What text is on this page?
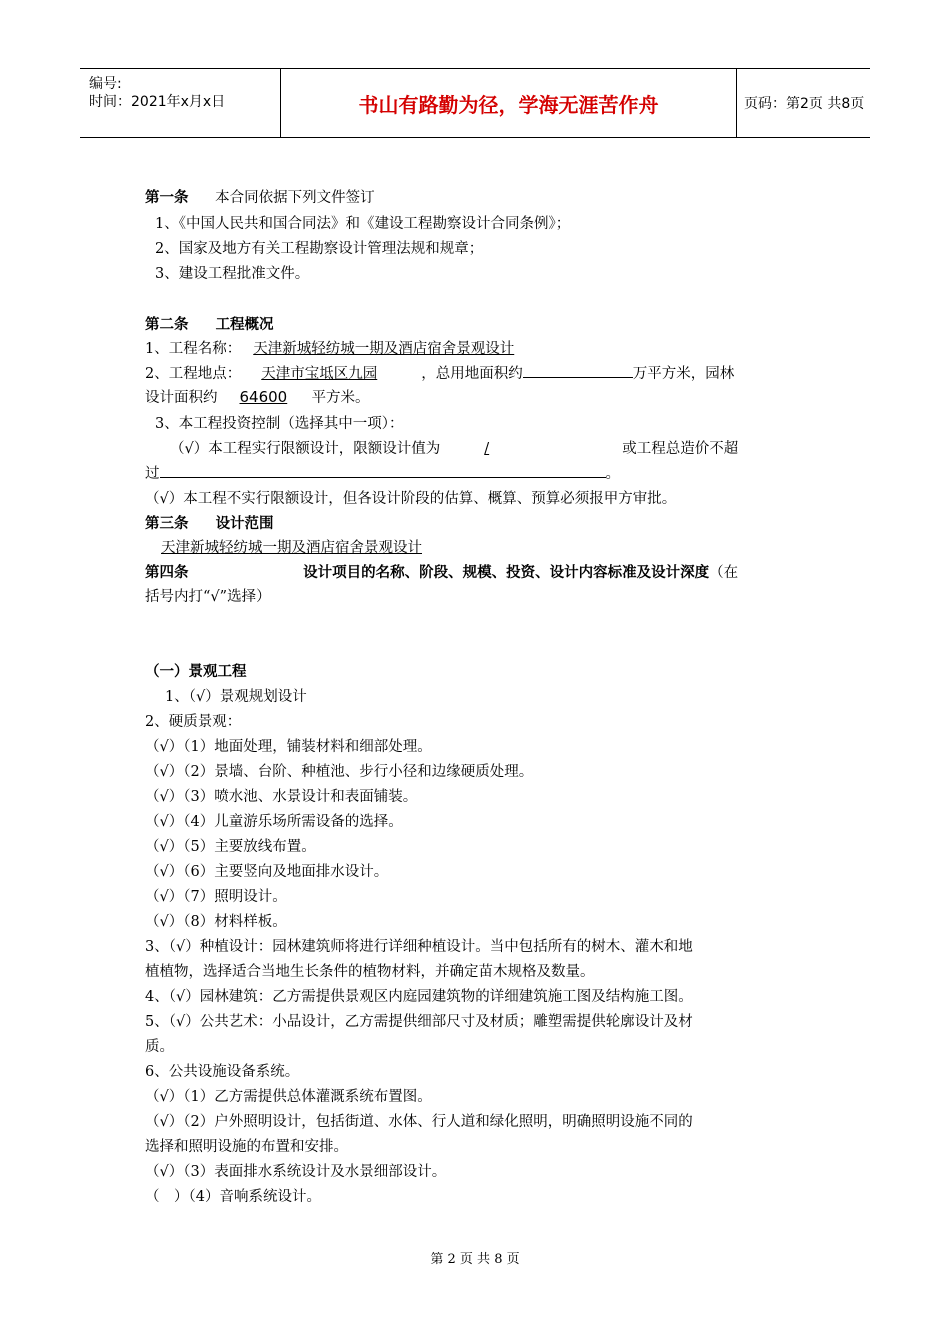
编号:
时间：2021年x月x日	书山有路勤为径，学海无涯苦作舟	页码：第2页 共8页
第一条 本合同依据下列文件签订
1、《中国人民共和国合同法》和《建设工程勘察设计合同条例》；
2、国家及地方有关工程勘察设计管理法规和规章；
3、建设工程批准文件。
第二条 工程概况
1、工程名称： 天津新城轻纺城一期及酒店宿舍景观设计
2、工程地点： 天津市宝坻区九园	，总用地面积约	万平方米，园林
设计面积约 64600 平方米。
3、本工程投资控制（选择其中一项）：
（√）本工程实行限额设计，限额设计值为	/	或工程总造价不超
过	。
（√）本工程不实行限额设计，但各设计阶段的估算、概算、预算必须报甲方审批。
第三条 设计范围
天津新城轻纺城一期及酒店宿舍景观设计
第四条	设计项目的名称、阶段、规模、投资、设计内容标准及设计深度（在
括号内打“√”选择）
（一）景观工程
1、（√）景观规划设计
2、硬质景观：
（√）（1）地面处理，铺装材料和细部处理。
（√）（2）景墙、台阶、种植池、步行小径和边缘硬质处理。
（√）（3）喷水池、水景设计和表面铺装。
（√）（4）儿童游乐场所需设备的选择。
（√）（5）主要放线布置。
（√）（6）主要竖向及地面排水设计。
（√）（7）照明设计。
（√）（8）材料样板。
3、（√）种植设计：园林建筑师将进行详细种植设计。当中包括所有的树木、灌木和地
植植物，选择适合当地生长条件的植物材料，并确定苗木规格及数量。
4、（√）园林建筑：乙方需提供景观区内庭园建筑物的详细建筑施工图及结构施工图。
5、（√）公共艺术：小品设计，乙方需提供细部尺寸及材质；雕塑需提供轮廓设计及材
质。
6、公共设施设备系统。
（√）（1）乙方需提供总体灌溉系统布置图。
（√）（2）户外照明设计，包括街道、水体、行人道和绿化照明，明确照明设施不同的
选择和照明设施的布置和安排。
（√）（3）表面排水系统设计及水景细部设计。
（　）（4）音响系统设计。
第 2 页 共 8 页
